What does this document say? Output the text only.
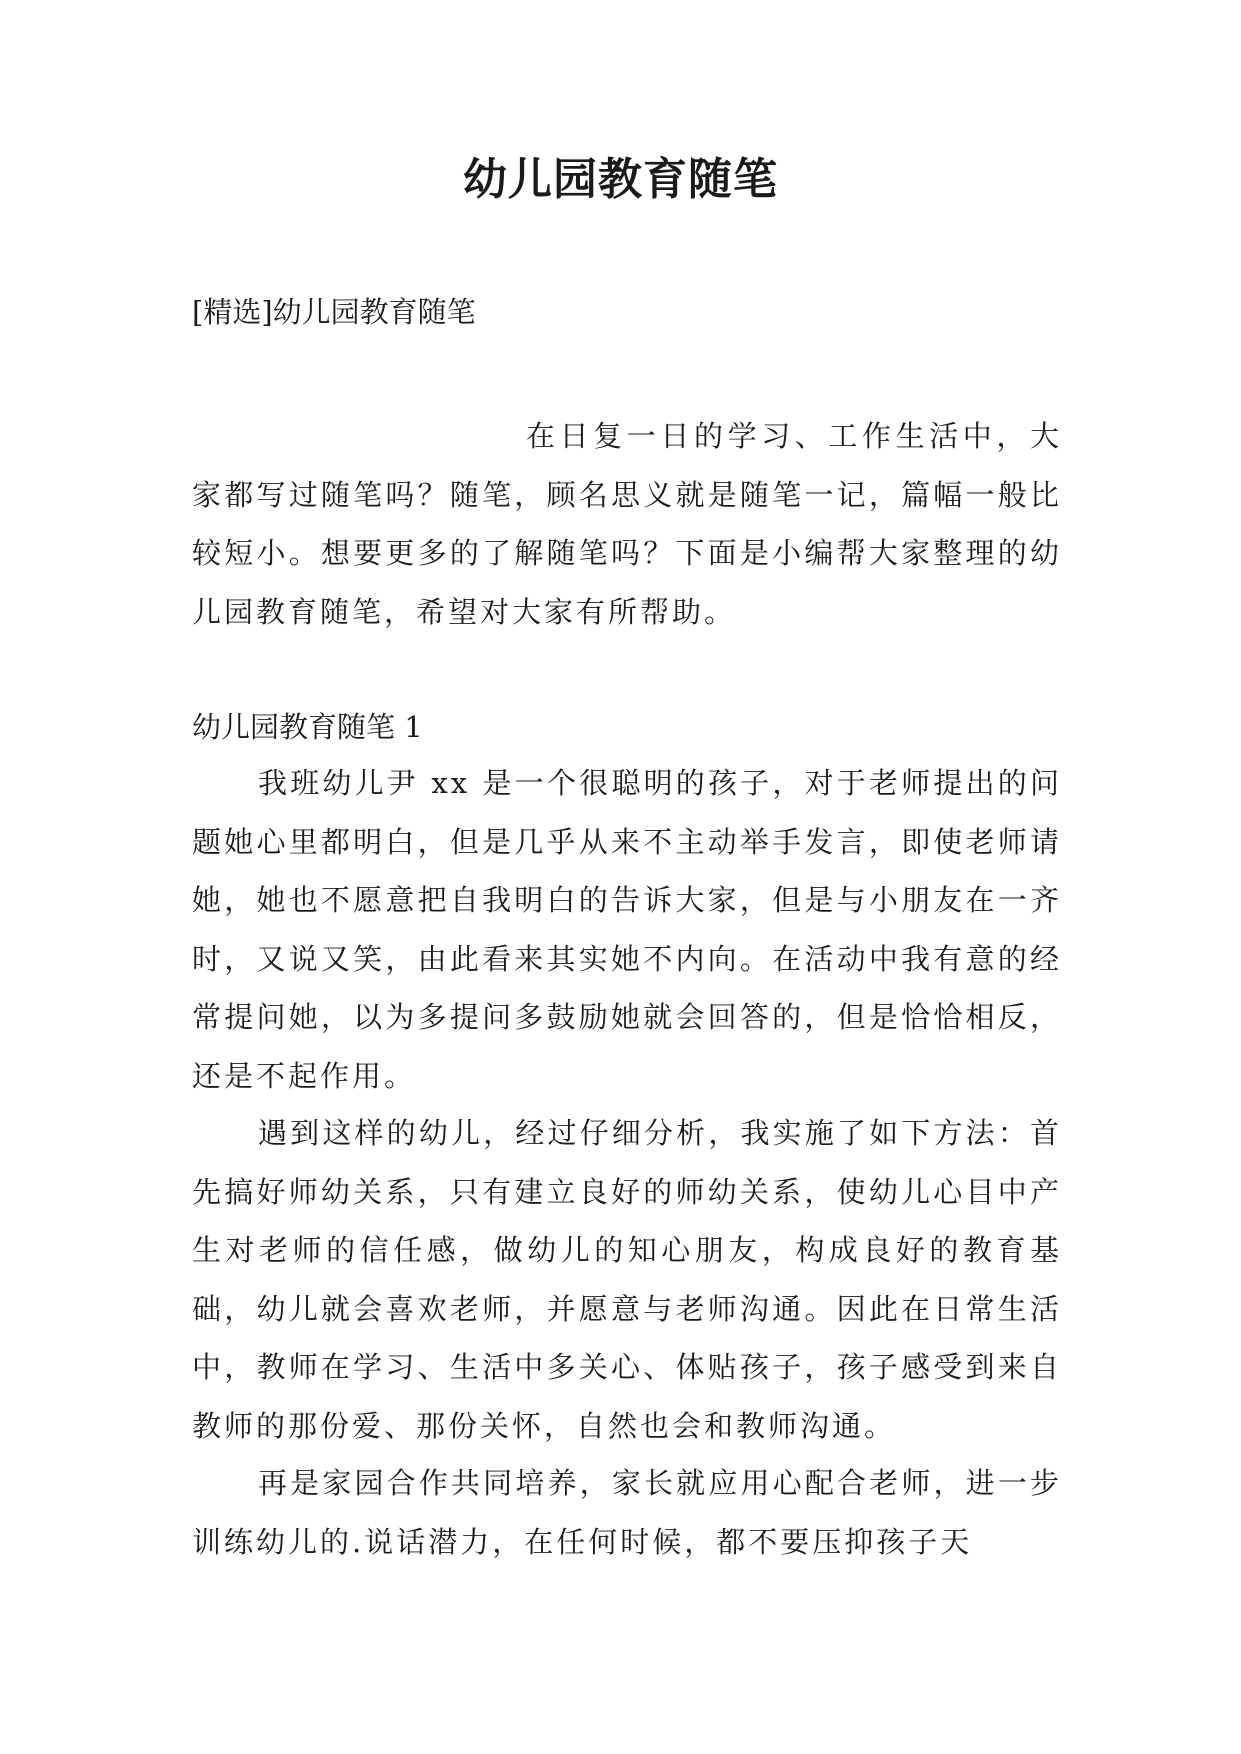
幼儿园教育随笔
[精选]幼儿园教育随笔

在日复一日的学习、工作生活中，大家都写过随笔吗？随笔，顾名思义就是随笔一记，篇幅一般比较短小。想要更多的了解随笔吗？下面是小编帮大家整理的幼儿园教育随笔，希望对大家有所帮助。

幼儿园教育随笔 1

我班幼儿尹 xx 是一个很聪明的孩子，对于老师提出的问题她心里都明白，但是几乎从来不主动举手发言，即使老师请她，她也不愿意把自我明白的告诉大家，但是与小朋友在一齐时，又说又笑，由此看来其实她不内向。在活动中我有意的经常提问她，以为多提问多鼓励她就会回答的，但是恰恰相反，还是不起作用。

遇到这样的幼儿，经过仔细分析，我实施了如下方法：首先搞好师幼关系，只有建立良好的师幼关系，使幼儿心目中产生对老师的信任感，做幼儿的知心朋友，构成良好的教育基础，幼儿就会喜欢老师，并愿意与老师沟通。因此在日常生活中，教师在学习、生活中多关心、体贴孩子，孩子感受到来自教师的那份爱、那份关怀，自然也会和教师沟通。

再是家园合作共同培养，家长就应用心配合老师，进一步训练幼儿的.说话潜力，在任何时候，都不要压抑孩子天
